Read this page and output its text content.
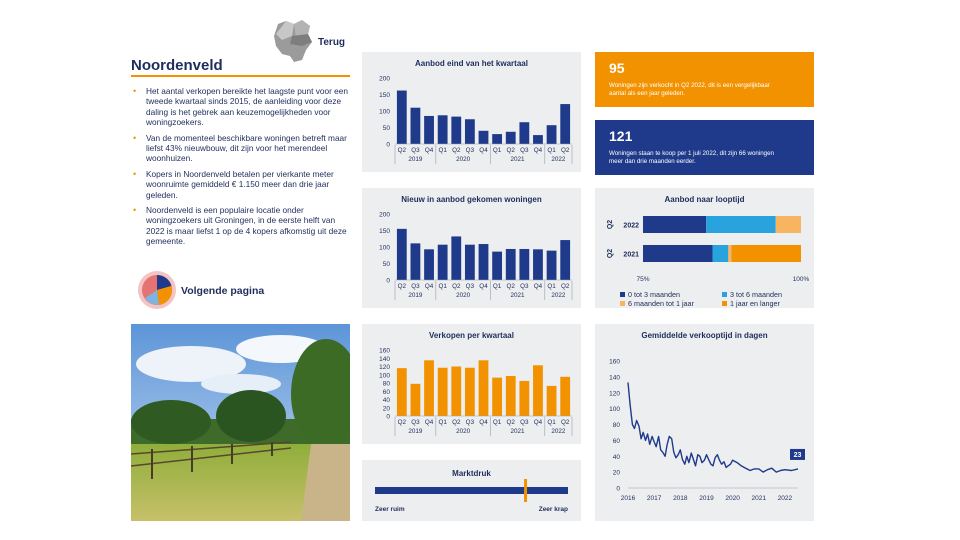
Terug
Noordenveld
• Het aantal verkopen bereikte het laagste punt voor een tweede kwartaal sinds 2015, de aanleiding voor deze daling is het gebrek aan keuzemogelijkheden voor woningzoekers.
• Van de momenteel beschikbare woningen betreft maar liefst 43% nieuwbouw, dit zijn voor het merendeel woonhuizen.
• Kopers in Noordenveld betalen per vierkante meter woonruimte gemiddeld € 1.150 meer dan drie jaar geleden.
• Noordenveld is een populaire locatie onder woningzoekers uit Groningen, in de eerste helft van 2022 is maar liefst 1 op de 4 kopers afkomstig uit deze gemeente.
Volgende pagina
Aanbod eind van het kwartaal
0
50
100
150
200
Q2 Q3 Q4 Q1 Q2 Q3 Q4 Q1 Q2 Q3 Q4 Q1 Q2
2019	2020	2021	2022
Nieuw in aanbod gekomen woningen
0
50
100
150
200
Q2 Q3 Q4 Q1 Q2 Q3 Q4 Q1 Q2 Q3 Q4 Q1 Q2
2019	2020	2021	2022
Verkopen per kwartaal
0
20
40
60
80
100
120
140
160
Q2 Q3 Q4 Q1 Q2 Q3 Q4 Q1 Q2 Q3 Q4 Q1 Q2
2019	2020	2021	2022
Marktdruk
Zeer ruim	Zeer krap
95
Woningen zijn verkocht in Q2 2022, dit is een vergelijkbaar aantal als een jaar geleden.
121
Woningen staan te koop per 1 juli 2022, dit zijn 66 woningen meer dan drie maanden eerder.
Aanbod naar looptijd
2022
Q2
2021
Q2
75%	100%
0 tot 3 maanden	3 tot 6 maanden
6 maanden tot 1 jaar	1 jaar en langer
Gemiddelde verkooptijd in dagen
0
20
40
60
80
100
120
140
160
2016 2017 2018 2019 2020 2021 2022
23
